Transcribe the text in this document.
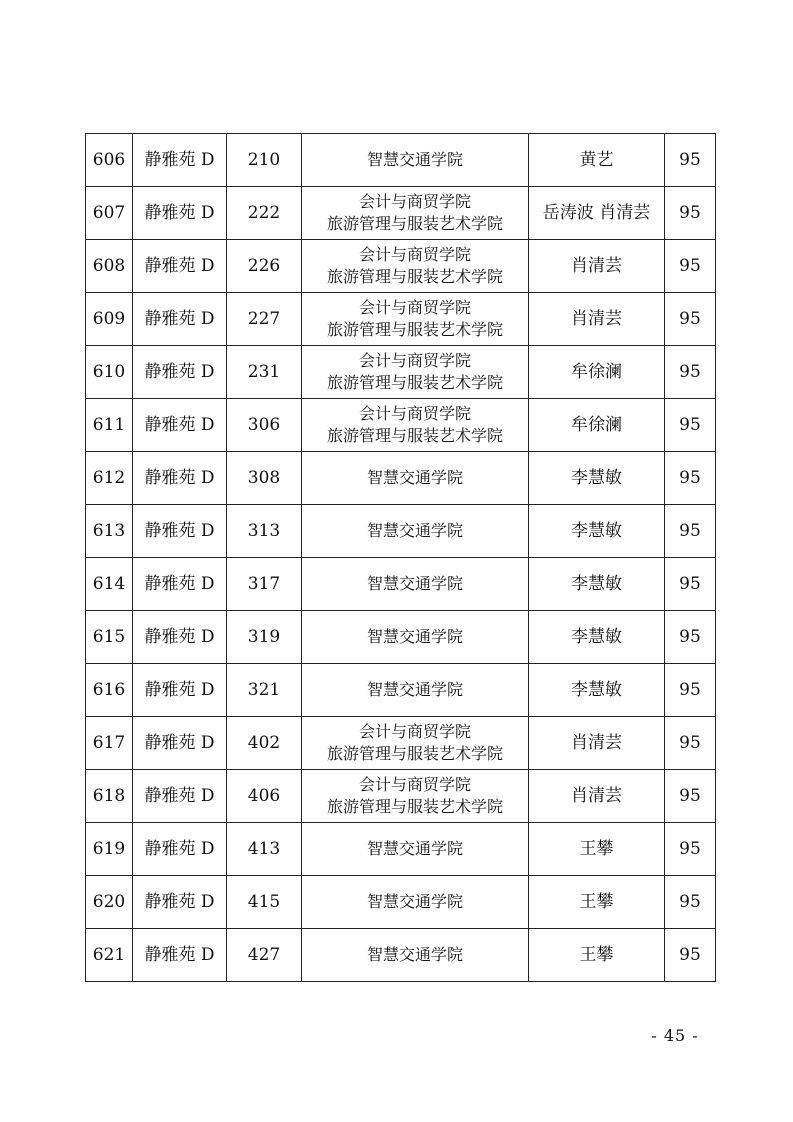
606	静雅苑 D	210	智慧交通学院	黄艺	95
607	静雅苑 D	222	会计与商贸学院
旅游管理与服装艺术学院	岳涛波 肖清芸	95
608	静雅苑 D	226	会计与商贸学院
旅游管理与服装艺术学院	肖清芸	95
609	静雅苑 D	227	会计与商贸学院
旅游管理与服装艺术学院	肖清芸	95
610	静雅苑 D	231	会计与商贸学院
旅游管理与服装艺术学院	牟徐澜	95
611	静雅苑 D	306	会计与商贸学院
旅游管理与服装艺术学院	牟徐澜	95
612	静雅苑 D	308	智慧交通学院	李慧敏	95
613	静雅苑 D	313	智慧交通学院	李慧敏	95
614	静雅苑 D	317	智慧交通学院	李慧敏	95
615	静雅苑 D	319	智慧交通学院	李慧敏	95
616	静雅苑 D	321	智慧交通学院	李慧敏	95
617	静雅苑 D	402	会计与商贸学院
旅游管理与服装艺术学院	肖清芸	95
618	静雅苑 D	406	会计与商贸学院
旅游管理与服装艺术学院	肖清芸	95
619	静雅苑 D	413	智慧交通学院	王攀	95
620	静雅苑 D	415	智慧交通学院	王攀	95
621	静雅苑 D	427	智慧交通学院	王攀	95
- 45 -
